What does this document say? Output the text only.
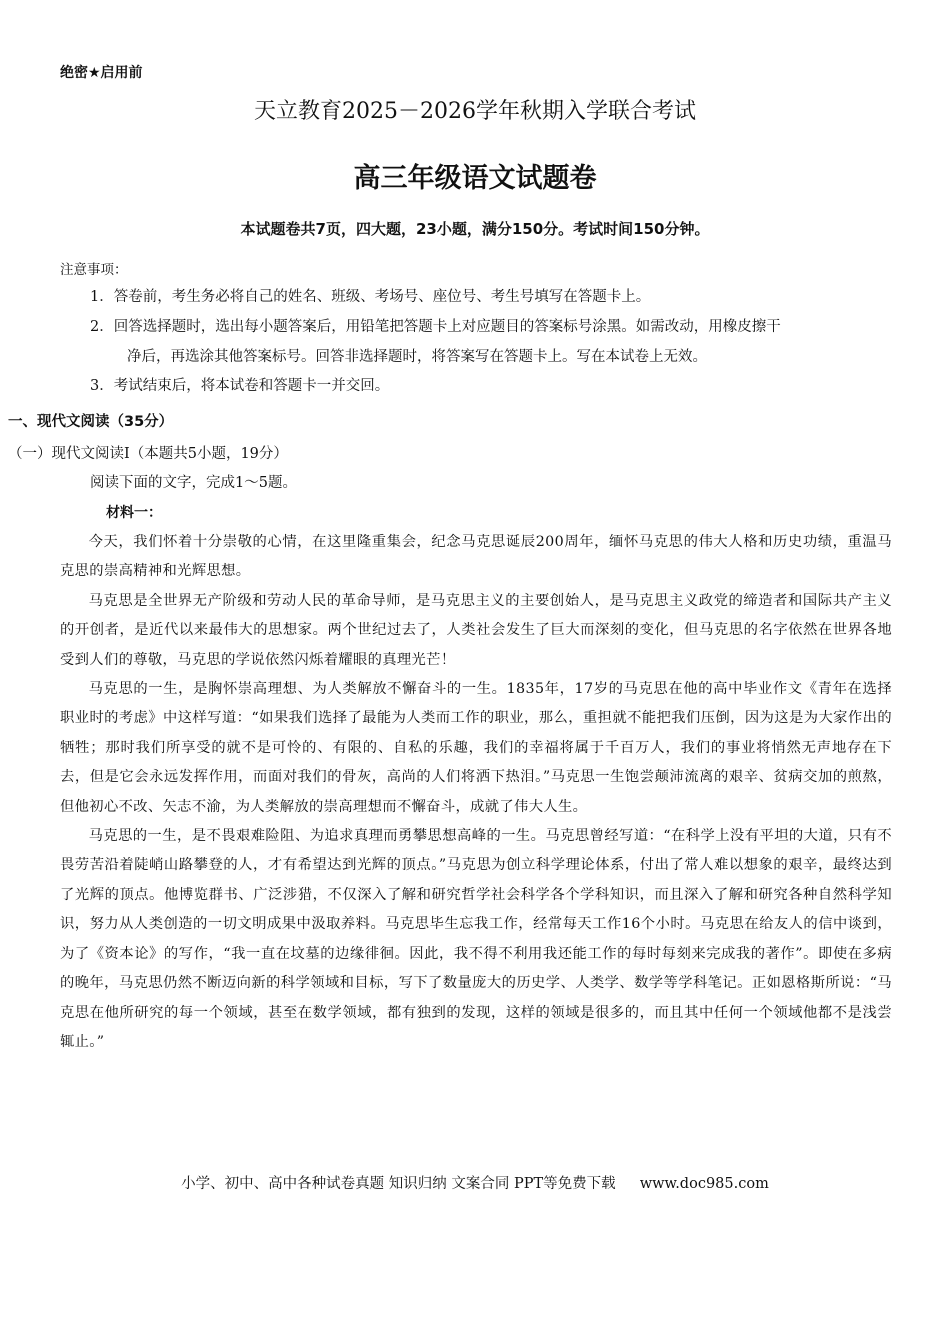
绝密★启用前
天立教育2025－2026学年秋期入学联合考试
高三年级语文试题卷
本试题卷共7页，四大题，23小题，满分150分。考试时间150分钟。
注意事项：
1．答卷前，考生务必将自己的姓名、班级、考场号、座位号、考生号填写在答题卡上。
2．回答选择题时，选出每小题答案后，用铅笔把答题卡上对应题目的答案标号涂黑。如需改动，用橡皮擦干
净后，再选涂其他答案标号。回答非选择题时，将答案写在答题卡上。写在本试卷上无效。
3．考试结束后，将本试卷和答题卡一并交回。
一、现代文阅读（35分）
（一）现代文阅读Ⅰ（本题共5小题，19分）
阅读下面的文字，完成1～5题。
材料一：

今天，我们怀着十分崇敬的心情，在这里隆重集会，纪念马克思诞辰200周年，缅怀马克思的伟大人格和历史功绩，重温马克思的崇高精神和光辉思想。

马克思是全世界无产阶级和劳动人民的革命导师，是马克思主义的主要创始人，是马克思主义政党的缔造者和国际共产主义的开创者，是近代以来最伟大的思想家。两个世纪过去了，人类社会发生了巨大而深刻的变化，但马克思的名字依然在世界各地受到人们的尊敬，马克思的学说依然闪烁着耀眼的真理光芒！

马克思的一生，是胸怀崇高理想、为人类解放不懈奋斗的一生。1835年，17岁的马克思在他的高中毕业作文《青年在选择职业时的考虑》中这样写道：“如果我们选择了最能为人类而工作的职业，那么，重担就不能把我们压倒，因为这是为大家作出的牺牲；那时我们所享受的就不是可怜的、有限的、自私的乐趣，我们的幸福将属于千百万人，我们的事业将悄然无声地存在下去，但是它会永远发挥作用，而面对我们的骨灰，高尚的人们将洒下热泪。”马克思一生饱尝颠沛流离的艰辛、贫病交加的煎熬，但他初心不改、矢志不渝，为人类解放的崇高理想而不懈奋斗，成就了伟大人生。

马克思的一生，是不畏艰难险阻、为追求真理而勇攀思想高峰的一生。马克思曾经写道：“在科学上没有平坦的大道，只有不畏劳苦沿着陡峭山路攀登的人，才有希望达到光辉的顶点。”马克思为创立科学理论体系，付出了常人难以想象的艰辛，最终达到了光辉的顶点。他博览群书、广泛涉猎，不仅深入了解和研究哲学社会科学各个学科知识，而且深入了解和研究各种自然科学知识，努力从人类创造的一切文明成果中汲取养料。马克思毕生忘我工作，经常每天工作16个小时。马克思在给友人的信中谈到，为了《资本论》的写作，“我一直在坟墓的边缘徘徊。因此，我不得不利用我还能工作的每时每刻来完成我的著作”。即使在多病的晚年，马克思仍然不断迈向新的科学领域和目标，写下了数量庞大的历史学、人类学、数学等学科笔记。正如恩格斯所说：“马克思在他所研究的每一个领域，甚至在数学领域，都有独到的发现，这样的领域是很多的，而且其中任何一个领域他都不是浅尝辄止。”

小学、初中、高中各种试卷真题 知识归纳 文案合同 PPT等免费下载 www.doc985.com
